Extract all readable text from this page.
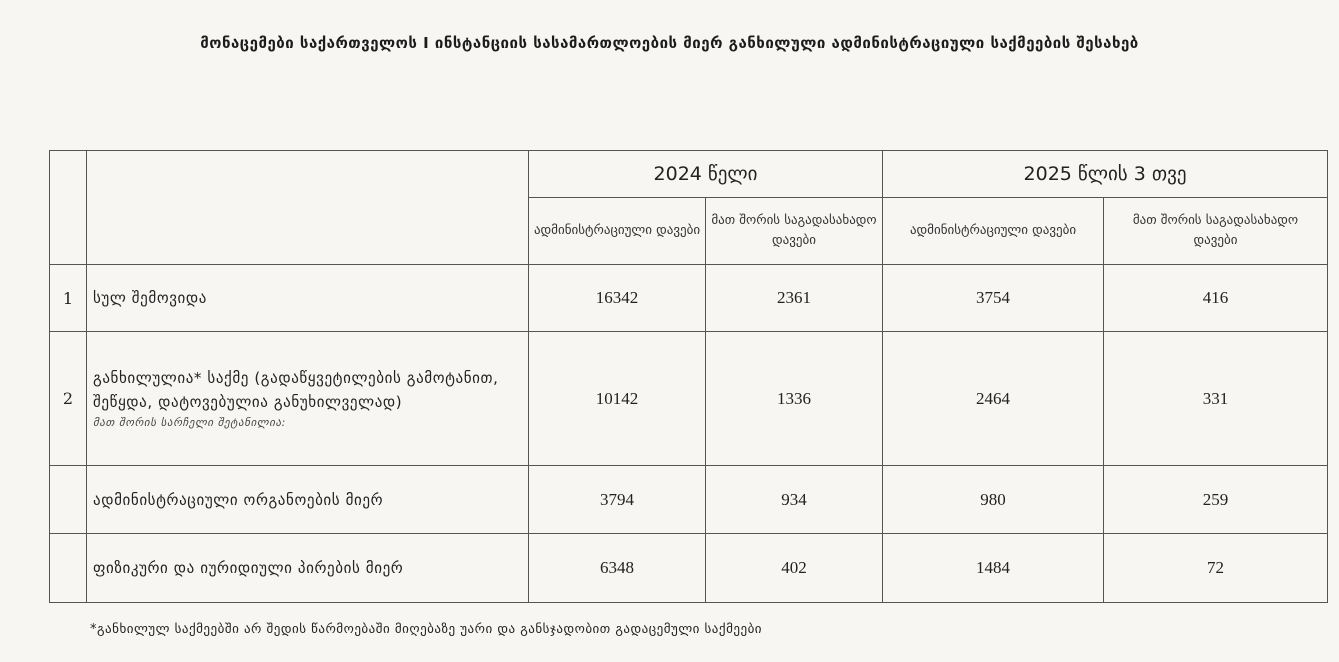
მონაცემები საქართველოს I ინსტანციის სასამართლოების მიერ განხილული ადმინისტრაციული საქმეების შესახებ
		2024 წელი		2025 წლის 3 თვე	
		ადმინისტრაციული დავები	მათ შორის საგადასახადო დავები	ადმინისტრაციული დავები	მათ შორის საგადასახადო დავები
1	სულ შემოვიდა	16342	2361	3754	416
2	განხილულია* საქმე (გადაწყვეტილების გამოტანით, შეწყდა, დატოვებულია განუხილველად)
მათ შორის სარჩელი შეტანილია:	10142	1336	2464	331
	ადმინისტრაციული ორგანოების მიერ	3794	934	980	259
	ფიზიკური და იურიდიული პირების მიერ	6348	402	1484	72
*განხილულ საქმეებში არ შედის წარმოებაში მიღებაზე უარი და განსჯადობით გადაცემული საქმეები
